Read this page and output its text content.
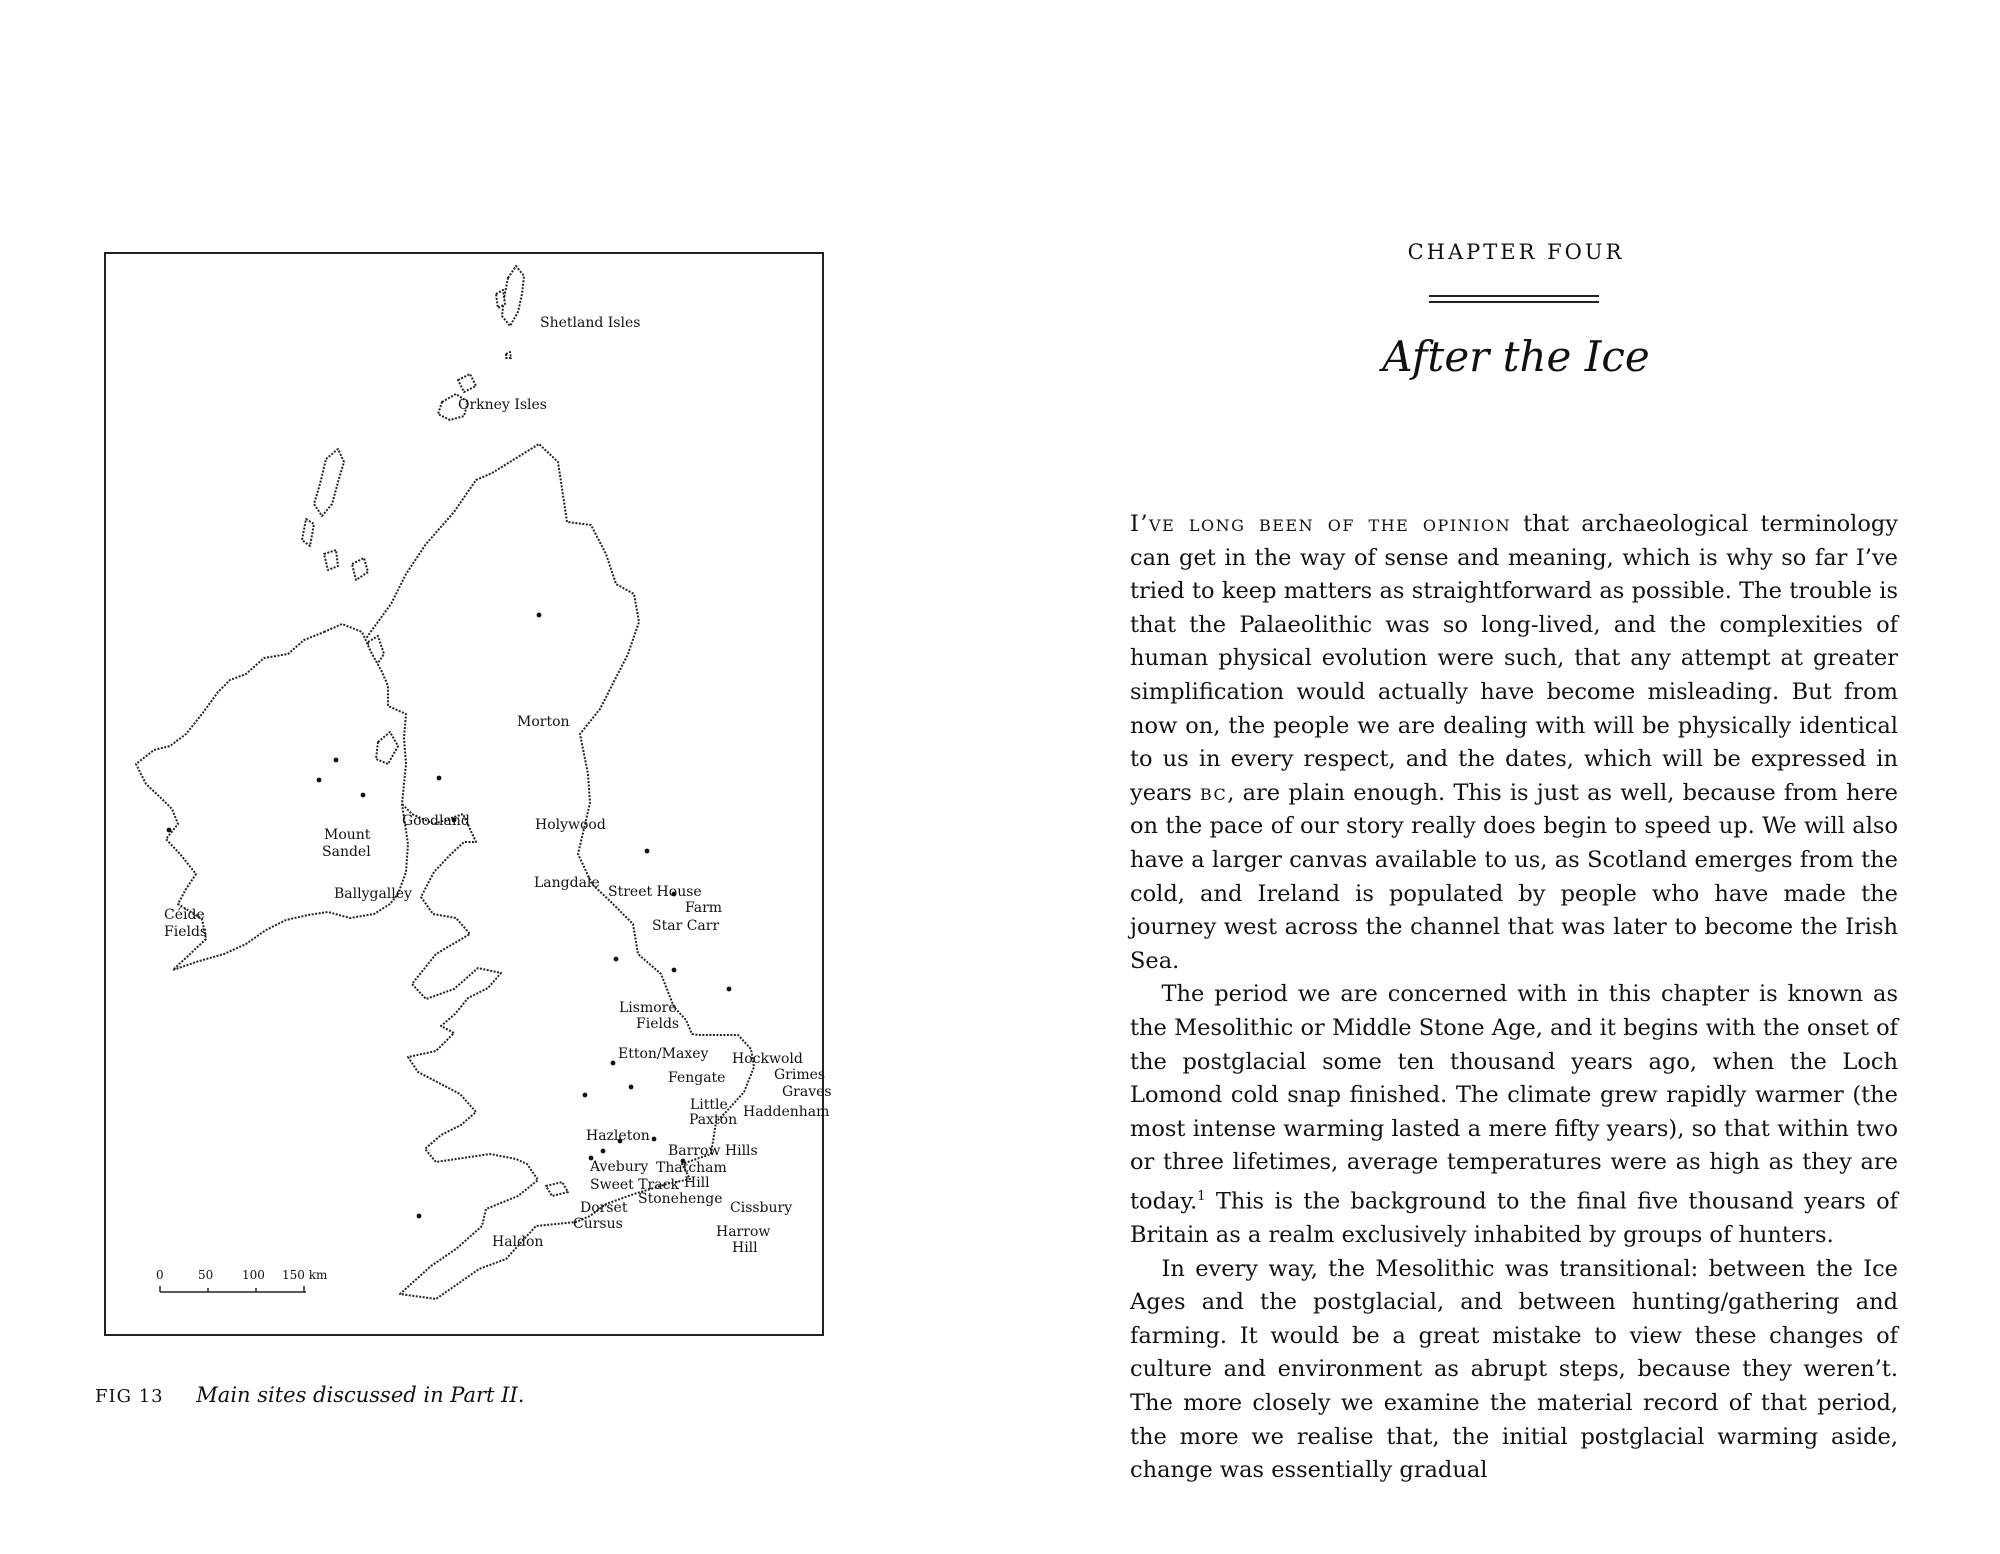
Shetland Isles
Orkney Isles
Morton
Goodland
Mount
Sandel
Ballygalley
Céide
Fields
Holywood
Langdale
Street House
Farm
Star Carr
Lismore
Fields
Etton/Maxey Hockwold
Fengate	Grimes
Graves
Little
Paxton Haddenham
Hazleton
Barrow Hills
Avebury Thatcham
Hill
Sweet Track
Stonehenge
Dorset
Cursus
Cissbury
Haldon
Harrow
Hill
0	50 100 150 km
FIG 13 Main sites discussed in Part II.
CHAPTER FOUR
After the Ice

I’ve long been of the opinion that archaeological terminology can get in the way of sense and meaning, which is why so far I’ve tried to keep matters as straightforward as possible. The trouble is that the Palaeolithic was so long-lived, and the complexities of human physical evolution were such, that any attempt at greater simplification would actually have become misleading. But from now on, the people we are dealing with will be physically identical to us in every respect, and the dates, which will be expressed in years bc, are plain enough. This is just as well, because from here on the pace of our story really does begin to speed up. We will also have a larger canvas available to us, as Scotland emerges from the cold, and Ireland is populated by people who have made the journey west across the channel that was later to become the Irish Sea.

The period we are concerned with in this chapter is known as the Mesolithic or Middle Stone Age, and it begins with the onset of the postglacial some ten thousand years ago, when the Loch Lomond cold snap finished. The climate grew rapidly warmer (the most intense warming lasted a mere fifty years), so that within two or three lifetimes, average temperatures were as high as they are today.$^1$ This is the background to the final five thousand years of Britain as a realm exclusively inhabited by groups of hunters.

In every way, the Mesolithic was transitional: between the Ice Ages and the postglacial, and between hunting/gathering and farming. It would be a great mistake to view these changes of culture and environment as abrupt steps, because they weren’t. The more closely we examine the material record of that period, the more we realise that, the initial postglacial warming aside, change was essentially gradual
